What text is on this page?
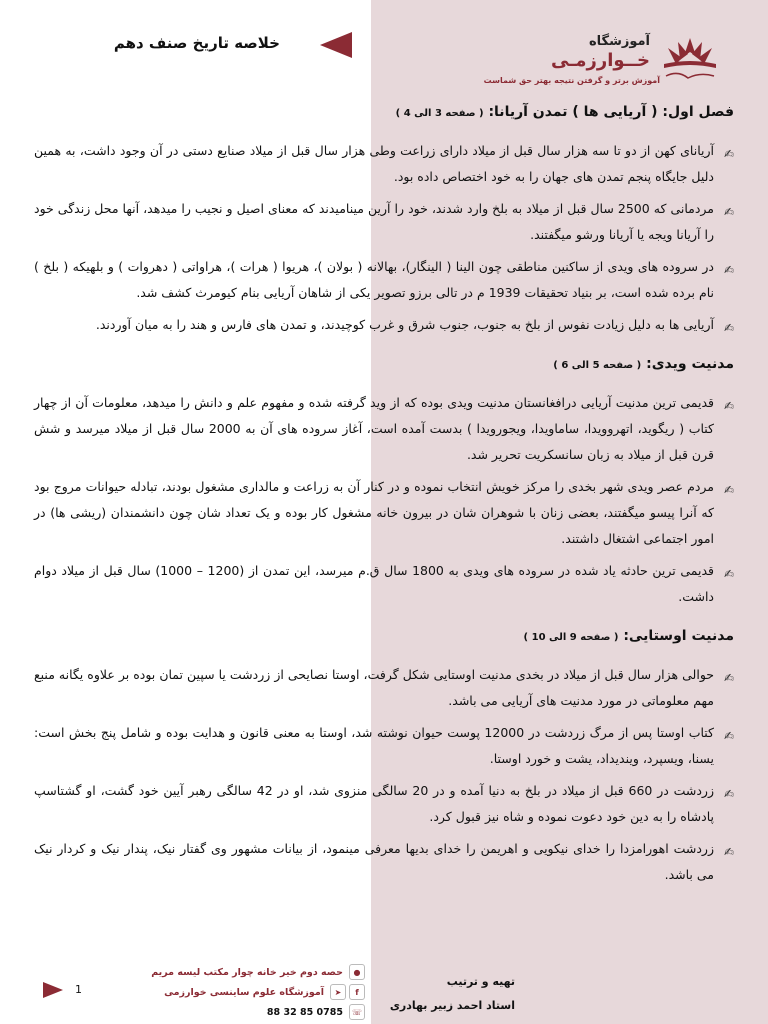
خلاصه تاریخ صنف دهم	آموزشگاه
خــوارزمـی
آموزش برتر و گرفتن نتیجه بهتر حق شماست
فصل اول: ( آریایی ها ) تمدن آریانا: ( صفحه 3 الی 4 )
✍
آریانای کهن از دو تا سه هزار سال قبل از میلاد دارای زراعت وطی هزار سال قبل از میلاد صنایع دستی در آن وجود داشت، به همین دلیل جایگاه پنجم تمدن های جهان را به خود اختصاص داده بود.
✍
مردمانی که 2500 سال قبل از میلاد به بلخ وارد شدند، خود را آرین مینامیدند که معنای اصیل و نجیب را میدهد، آنها محل زندگی خود را آریانا ویجه یا آریانا ورشو میگفتند.
✍
در سروده های ویدی از ساکنین مناطقی چون الینا ( الینگار)، بهالانه ( بولان )، هریوا ( هرات )، هراواتی ( دهروات ) و بلهیکه ( بلخ ) نام برده شده است، بر بنیاد تحقیقات 1939 م در تالی برزو تصویر یکی از شاهان آریایی بنام کیومرث کشف شد.
✍
آریایی ها به دلیل زیادت نفوس از بلخ به جنوب، جنوب شرق و غرب کوچیدند، و تمدن های فارس و هند را به میان آوردند.
مدنیت ویدی: ( صفحه 5 الی 6 )
✍
قدیمی ترین مدنیت آریایی درافغانستان مدنیت ویدی بوده که از وید گرفته شده و مفهوم علم و دانش را میدهد، معلومات آن از چهار کتاب ( ریگوید، اتهروویدا، ساماویدا، ویجورویدا ) بدست آمده است، آغاز سروده های آن به 2000 سال قبل از میلاد میرسد و شش قرن قبل از میلاد به زبان سانسکریت تحریر شد.
✍
مردم عصر ویدی شهر بخدی را مرکز خویش انتخاب نموده و در کنار آن به زراعت و مالداری مشغول بودند، تبادله حیوانات مروج بود که آنرا پیسو میگفتند، بعضی زنان با شوهران شان در بیرون خانه مشغول کار بوده و یک تعداد شان چون دانشمندان (ریشی ها) در امور اجتماعی اشتغال داشتند.
✍
قدیمی ترین حادثه یاد شده در سروده های ویدی به 1800 سال ق.م میرسد، این تمدن از (1200 – 1000) سال قبل از میلاد دوام داشت.
مدنیت اوستایی: ( صفحه 9 الی 10 )
✍
حوالی هزار سال قبل از میلاد در بخدی مدنیت اوستایی شکل گرفت، اوستا نصایحی از زردشت یا سپین تمان بوده بر علاوه یگانه منبع مهم معلوماتی در مورد مدنیت های آریایی می باشد.
✍
کتاب اوستا پس از مرگ زردشت در 12000 پوست حیوان نوشته شد، اوستا به معنی قانون و هدایت بوده و شامل پنج بخش است: یسنا، ویسپرد، وینديداد، يشت و خورد اوستا.
✍
زردشت در 660 قبل از میلاد در بلخ به دنیا آمده و در 20 سالگی منزوی شد، او در 42 سالگی رهبر آیین خود گشت، او گشتاسپ پادشاه را به دین خود دعوت نموده و شاه نیز قبول کرد.
✍
زردشت اهورامزدا را خدای نیکویی و اهریمن را خدای بدیها معرفی مینمود، از بیانات مشهور وی گفتار نیک، پندار نیک و کردار نیک می باشد.
1
●
حصه دوم خیر خانه چوار مکتب لیسه مریم
f
➤
آموزشگاه علوم ساینسی خوارزمی
☏
0785 85 32 88
تهیه و ترتیب
استاد احمد زبیر بهادری
